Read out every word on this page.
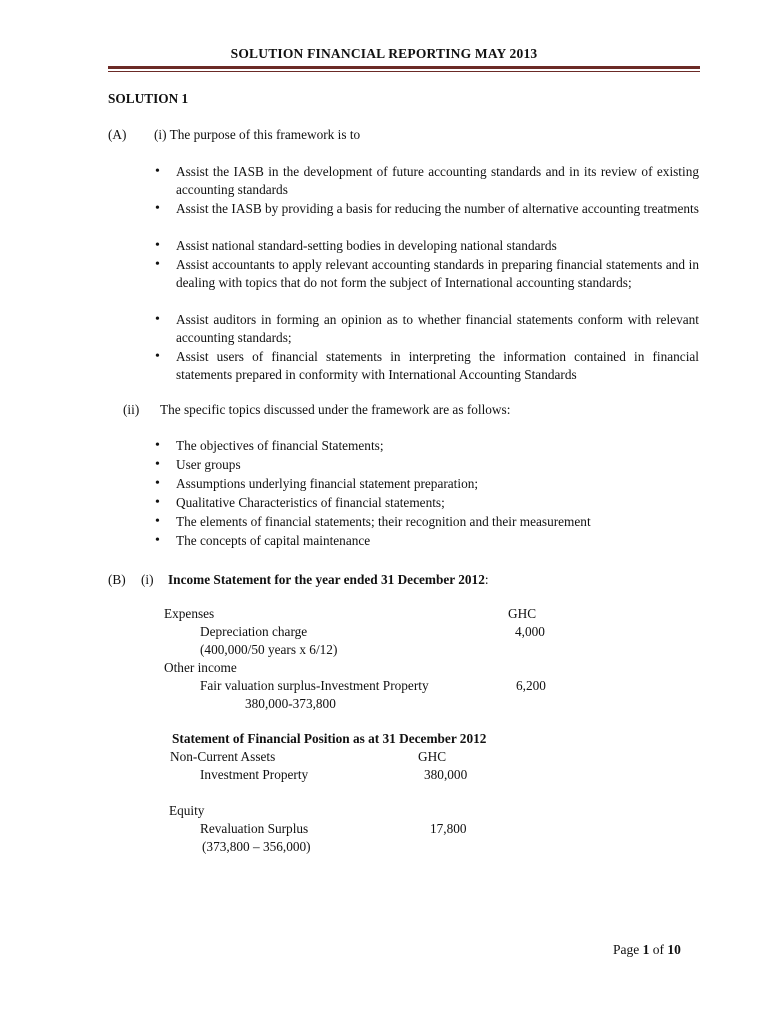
SOLUTION FINANCIAL REPORTING MAY 2013
SOLUTION 1
(A) (i) The purpose of this framework is to
• Assist the IASB in the development of future accounting standards and in its review of existing accounting standards
• Assist the IASB by providing a basis for reducing the number of alternative accounting treatments
• Assist national standard-setting bodies in developing national standards
• Assist accountants to apply relevant accounting standards in preparing financial statements and in dealing with topics that do not form the subject of International accounting standards;
• Assist auditors in forming an opinion as to whether financial statements conform with relevant accounting standards;
• Assist users of financial statements in interpreting the information contained in financial statements prepared in conformity with International Accounting Standards
(ii) The specific topics discussed under the framework are as follows:
• The objectives of financial Statements;
• User groups
• Assumptions underlying financial statement preparation;
• Qualitative Characteristics of financial statements;
• The elements of financial statements; their recognition and their measurement
• The concepts of capital maintenance
(B) (i) Income Statement for the year ended 31 December 2012:
Expenses	GHC
Depreciation charge	4,000
(400,000/50 years x 6/12)
Other income
Fair valuation surplus-Investment Property	6,200
380,000-373,800
Statement of Financial Position as at 31 December 2012
Non-Current Assets	GHC
Investment Property	380,000
Equity
Revaluation Surplus	17,800
(373,800 – 356,000)
Page 1 of 10
